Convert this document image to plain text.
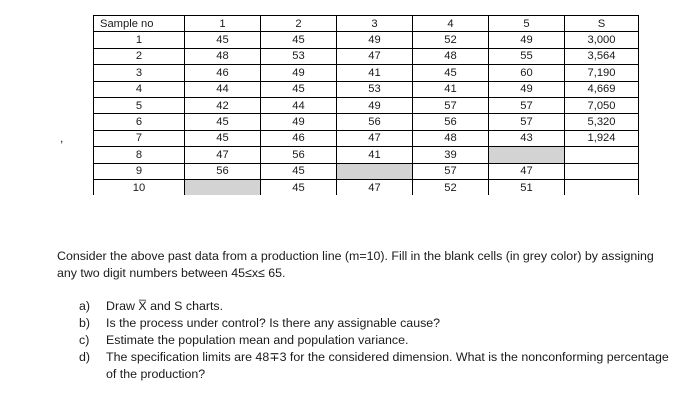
,
Sample no	1	2	3	4	5	S
1	45	45	49	52	49	3,000
2	48	53	47	48	55	3,564
3	46	49	41	45	60	7,190
4	44	45	53	41	49	4,669
5	42	44	49	57	57	7,050
6	45	49	56	56	57	5,320
7	45	46	47	48	43	1,924
8	47	56	41	39		
9	56	45		57	47	
10		45	47	52	51	

Consider the above past data from a production line (m=10). Fill in the blank cells (in grey color) by assigning any two digit numbers between 45≤x≤ 65.

a) Draw X̅ and S charts.
b) Is the process under control? Is there any assignable cause?
c) Estimate the population mean and population variance.
d) The specification limits are 48∓3 for the considered dimension. What is the nonconforming percentage of the production?
